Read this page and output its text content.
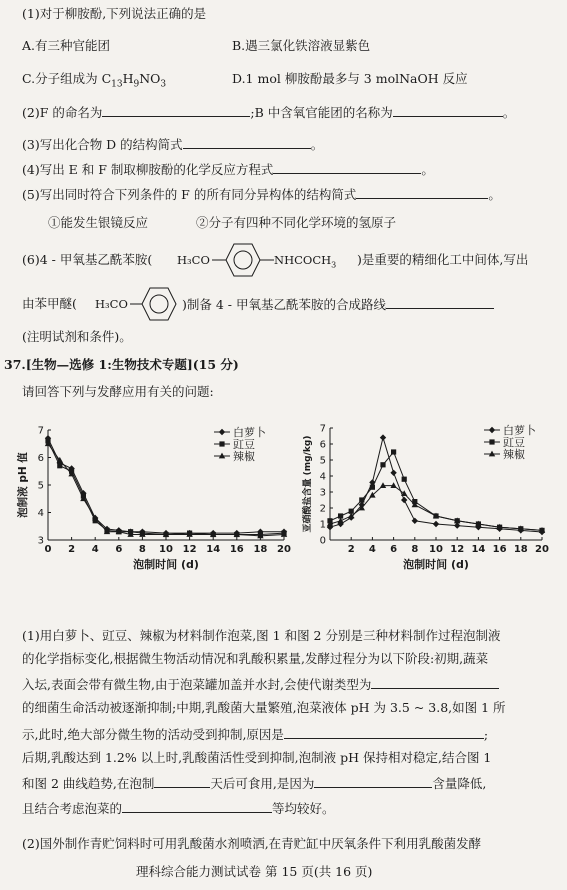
(1)对于柳胺酚,下列说法正确的是
A.有三种官能团	B.遇三氯化铁溶液显紫色
C.分子组成为 $C_{13}H_9NO_3$	D.1 mol 柳胺酚最多与 3 molNaOH 反应
(2)F 的命名为	;B 中含氧官能团的名称为	。
(3)写出化合物 D 的结构简式	。
(4)写出 E 和 F 制取柳胺酚的化学反应方程式	。
(5)写出同时符合下列条件的 F 的所有同分异构体的结构简式	。
①能发生银镜反应	②分子有四种不同化学环境的氢原子
(6)4 - 甲氧基乙酰苯胺( H₃CO	$NHCOCH_3$ )是重要的精细化工中间体,写出
由苯甲醚( H₃CO	)制备 4 - 甲氧基乙酰苯胺的合成路线
(注明试剂和条件)。
37.[生物—选修 1:生物技术专题](15 分)
请回答下列与发酵应用有关的问题:
3
4
5
6
7
0 2 4 6 8 10 12 14 16 18 20
泡制时间 (d)
泡制液 pH 值
白萝卜
豇豆
辣椒
0
1
2
3
4
5
6
7
2 4 6 8 10 12 14 16 18 20
泡制时间 (d)
亚硝酸盐含量 (mg/kg)
白萝卜
豇豆
辣椒
(1)用白萝卜、豇豆、辣椒为材料制作泡菜,图 1 和图 2 分别是三种材料制作过程泡制液
的化学指标变化,根据微生物活动情况和乳酸积累量,发酵过程分为以下阶段:初期,蔬菜
入坛,表面会带有微生物,由于泡菜罐加盖并水封,会使代谢类型为
的细菌生命活动被逐渐抑制;中期,乳酸菌大量繁殖,泡菜液体 pH 为 3.5 ~ 3.8,如图 1 所
示,此时,绝大部分微生物的活动受到抑制,原因是	;
后期,乳酸达到 1.2% 以上时,乳酸菌活性受到抑制,泡制液 pH 保持相对稳定,结合图 1
和图 2 曲线趋势,在泡制	天后可食用,是因为	含量降低,
且结合考虑泡菜的	等均较好。
(2)国外制作青贮饲料时可用乳酸菌水剂喷洒,在青贮缸中厌氧条件下利用乳酸菌发酵
理科综合能力测试试卷 第 15 页(共 16 页)
